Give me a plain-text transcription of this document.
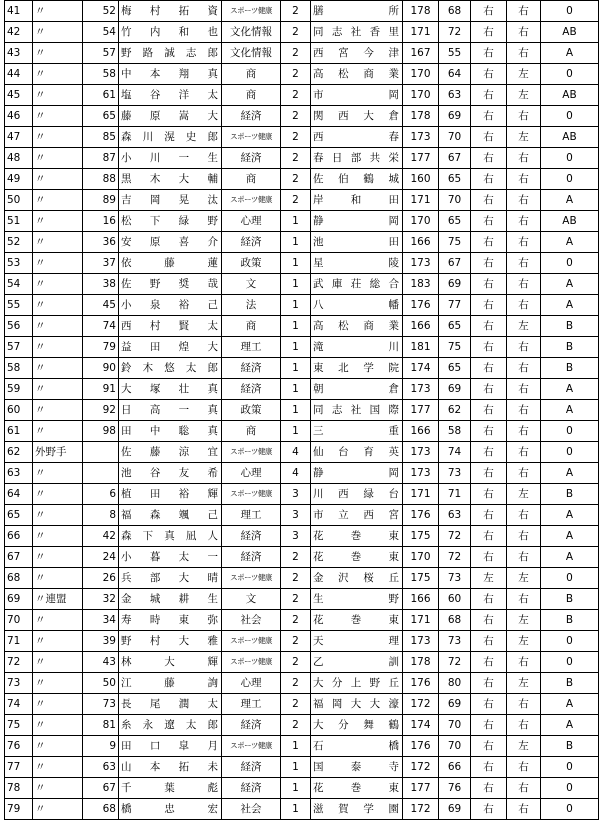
41	〃	52	梅村拓資	スポーツ健康	2	膳所	178	68	右	右	0
42	〃	54	竹内和也	文化情報	2	同志社香里	171	72	右	右	AB
43	〃	57	野路誠志郎	文化情報	2	西宮今津	167	55	右	右	A
44	〃	58	中本翔真	商	2	高松商業	170	64	右	左	0
45	〃	61	塩谷洋太	商	2	市岡	170	63	右	左	AB
46	〃	65	藤原嵩大	経済	2	関西大倉	178	69	右	右	0
47	〃	85	森川滉史郎	スポーツ健康	2	西春	173	70	右	左	AB
48	〃	87	小川一生	経済	2	春日部共栄	177	67	右	右	0
49	〃	88	黒木大輔	商	2	佐伯鶴城	160	65	右	右	0
50	〃	89	吉岡晃汰	スポーツ健康	2	岸和田	171	70	右	右	A
51	〃	16	松下緑野	心理	1	静岡	170	65	右	右	AB
52	〃	36	安原喜介	経済	1	池田	166	75	右	右	A
53	〃	37	依藤蓮	政策	1	星陵	173	67	右	右	0
54	〃	38	佐野奨哉	文	1	武庫荘総合	183	69	右	右	A
55	〃	45	小泉裕己	法	1	八幡	176	77	右	右	A
56	〃	74	西村賢太	商	1	高松商業	166	65	右	左	B
57	〃	79	益田煌大	理工	1	滝川	181	75	右	右	B
58	〃	90	鈴木悠太郎	経済	1	東北学院	174	65	右	右	B
59	〃	91	大塚壮真	経済	1	朝倉	173	69	右	右	A
60	〃	92	日高一真	政策	1	同志社国際	177	62	右	右	A
61	〃	98	田中聡真	商	1	三重	166	58	右	右	0
62	外野手		佐藤涼宜	スポーツ健康	4	仙台育英	173	74	右	右	0
63	〃		池谷友希	心理	4	静岡	173	73	右	右	A
64	〃	6	植田裕輝	スポーツ健康	3	川西緑台	171	71	右	左	B
65	〃	8	福森颯己	理工	3	市立西宮	176	63	右	右	A
66	〃	42	森下真凪人	経済	3	花巻東	175	72	右	右	A
67	〃	24	小暮太一	経済	2	花巻東	170	72	右	右	A
68	〃	26	兵部大晴	スポーツ健康	2	金沢桜丘	175	73	左	左	0
69	〃連盟	32	金城耕生	文	2	生野	166	60	右	右	B
70	〃	34	寿時東弥	社会	2	花巻東	171	68	右	左	B
71	〃	39	野村大雅	スポーツ健康	2	天理	173	73	右	左	0
72	〃	43	林大輝	スポーツ健康	2	乙訓	178	72	右	右	0
73	〃	50	江藤詢	心理	2	大分上野丘	176	80	右	左	B
74	〃	73	長尾潤太	理工	2	福岡大大濠	172	69	右	右	A
75	〃	81	糸永遼太郎	経済	2	大分舞鶴	174	70	右	右	A
76	〃	9	田口皐月	スポーツ健康	1	石橋	176	70	右	左	B
77	〃	63	山本拓未	経済	1	国泰寺	172	66	右	右	0
78	〃	67	千葉彪	経済	1	花巻東	177	76	右	右	0
79	〃	68	橋忠宏	社会	1	滋賀学園	172	69	右	右	0
